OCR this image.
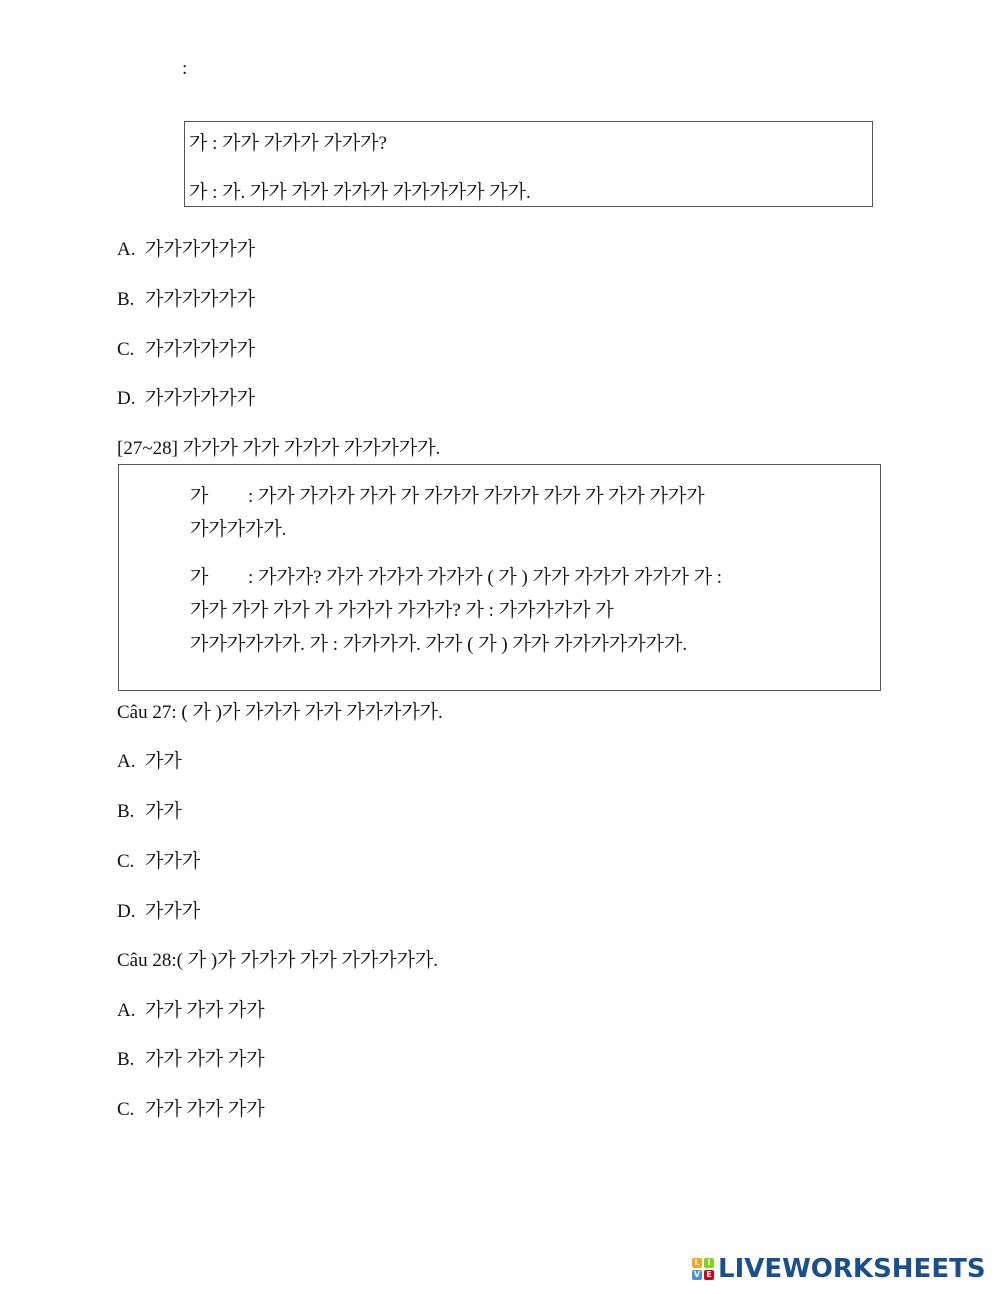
:
가 : 가가 가가가 가가가?
가 : 가. 가가 가가 가가가 가가가가가 가가.
A. 가가가가가가
B. 가가가가가가
C. 가가가가가가
D. 가가가가가가
[27~28] 가가가 가가 가가가 가가가가가.
가 : 가가 가가가 가가 가 가가가 가가가 가가 가 가가 가가가
가가가가가.
가 : 가가가? 가가 가가가 가가가 ( 가 ) 가가 가가가 가가가 가 :
가가 가가 가가 가 가가가 가가가? 가 : 가가가가가 가
가가가가가가. 가 : 가가가가. 가가 ( 가 ) 가가 가가가가가가가.
Câu 27: ( 가 )가 가가가 가가 가가가가가.
A. 가가
B. 가가
C. 가가가
D. 가가가
Câu 28:( 가 )가 가가가 가가 가가가가가.
A. 가가 가가 가가
B. 가가 가가 가가
C. 가가 가가 가가
L I
V E LIVEWORKSHEETS
